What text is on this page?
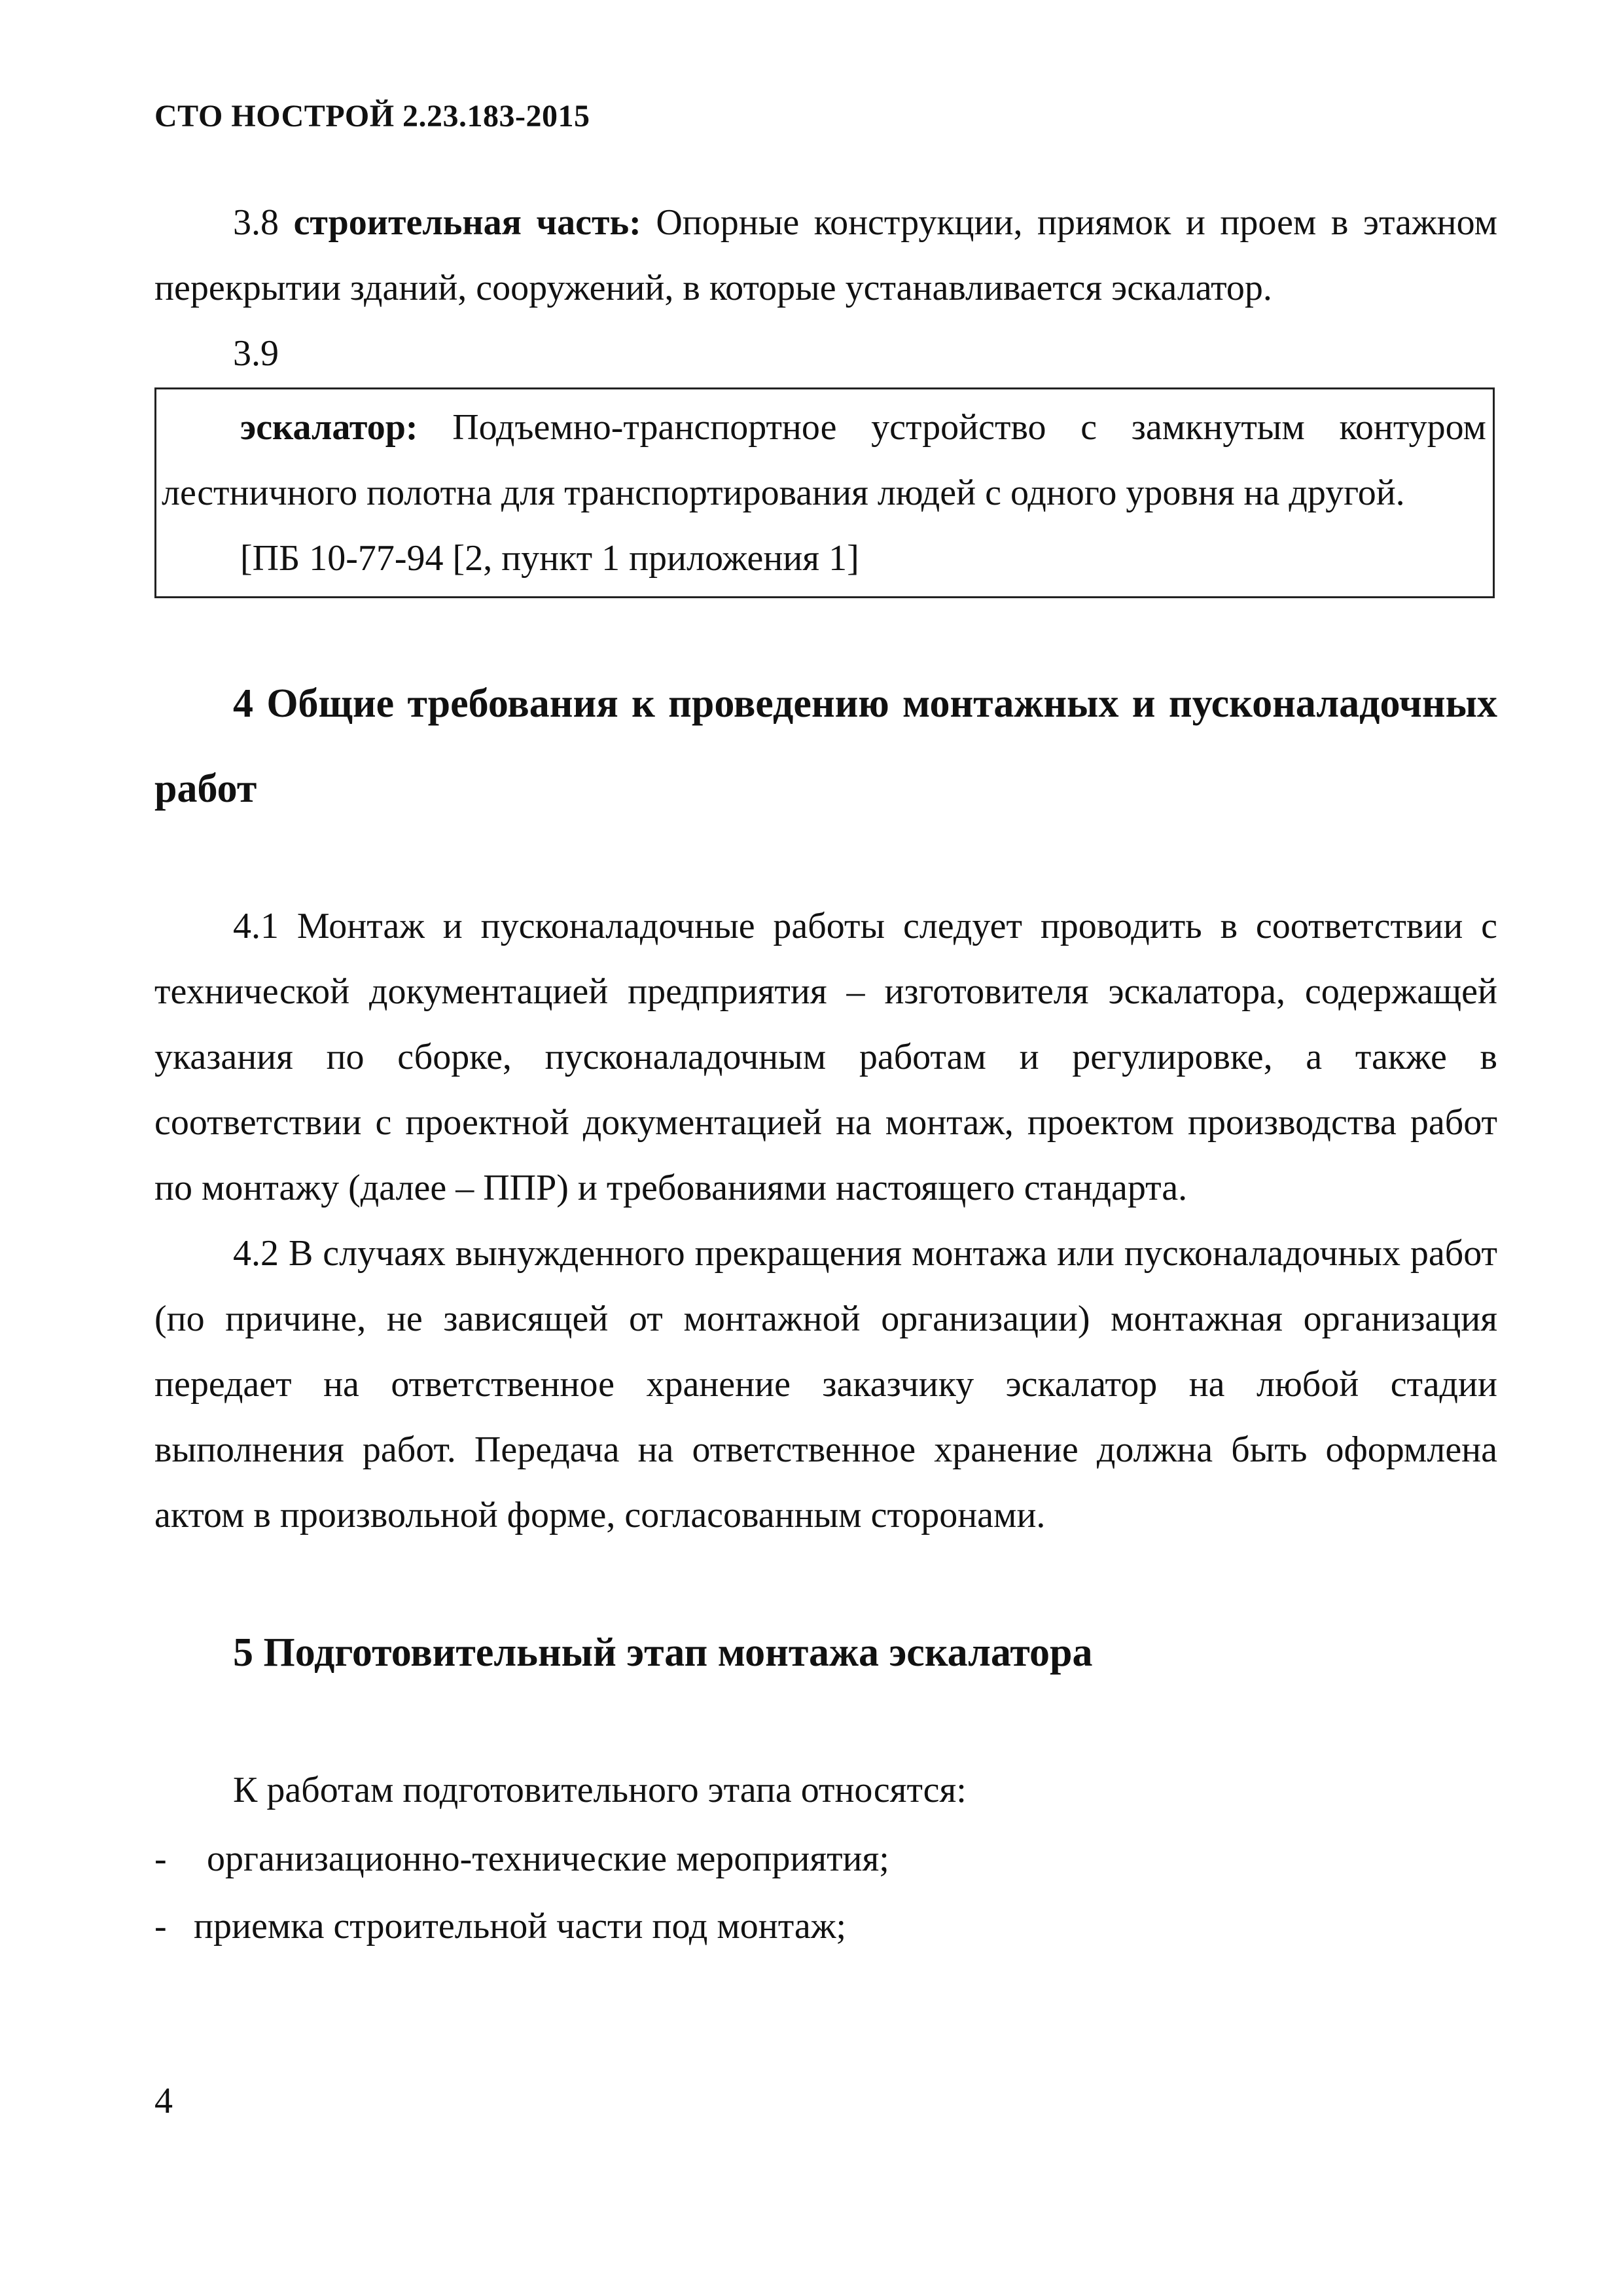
СТО НОСТРОЙ 2.23.183-2015
3.8 строительная часть: Опорные конструкции, приямок и проем в этажном перекрытии зданий, сооружений, в которые устанавливается эскалатор.
3.9
эскалатор: Подъемно-транспортное устройство с замкнутым контуром лестничного полотна для транспортирования людей с одного уровня на другой.
[ПБ 10-77-94 [2, пункт 1 приложения 1]
4 Общие требования к проведению монтажных и пусконаладочных работ
4.1 Монтаж и пусконаладочные работы следует проводить в соответствии с технической документацией предприятия – изготовителя эскалатора, содержащей указания по сборке, пусконаладочным работам и регулировке, а также в соответствии с проектной документацией на монтаж, проектом производства работ по монтажу (далее – ППР) и требованиями настоящего стандарта.
4.2 В случаях вынужденного прекращения монтажа или пусконаладочных работ (по причине, не зависящей от монтажной организации) монтажная организация передает на ответственное хранение заказчику эскалатор на любой стадии выполнения работ. Передача на ответственное хранение должна быть оформлена актом в произвольной форме, согласованным сторонами.
5 Подготовительный этап монтажа эскалатора
К работам подготовительного этапа относятся:
- организационно-технические мероприятия;
- приемка строительной части под монтаж;
4
